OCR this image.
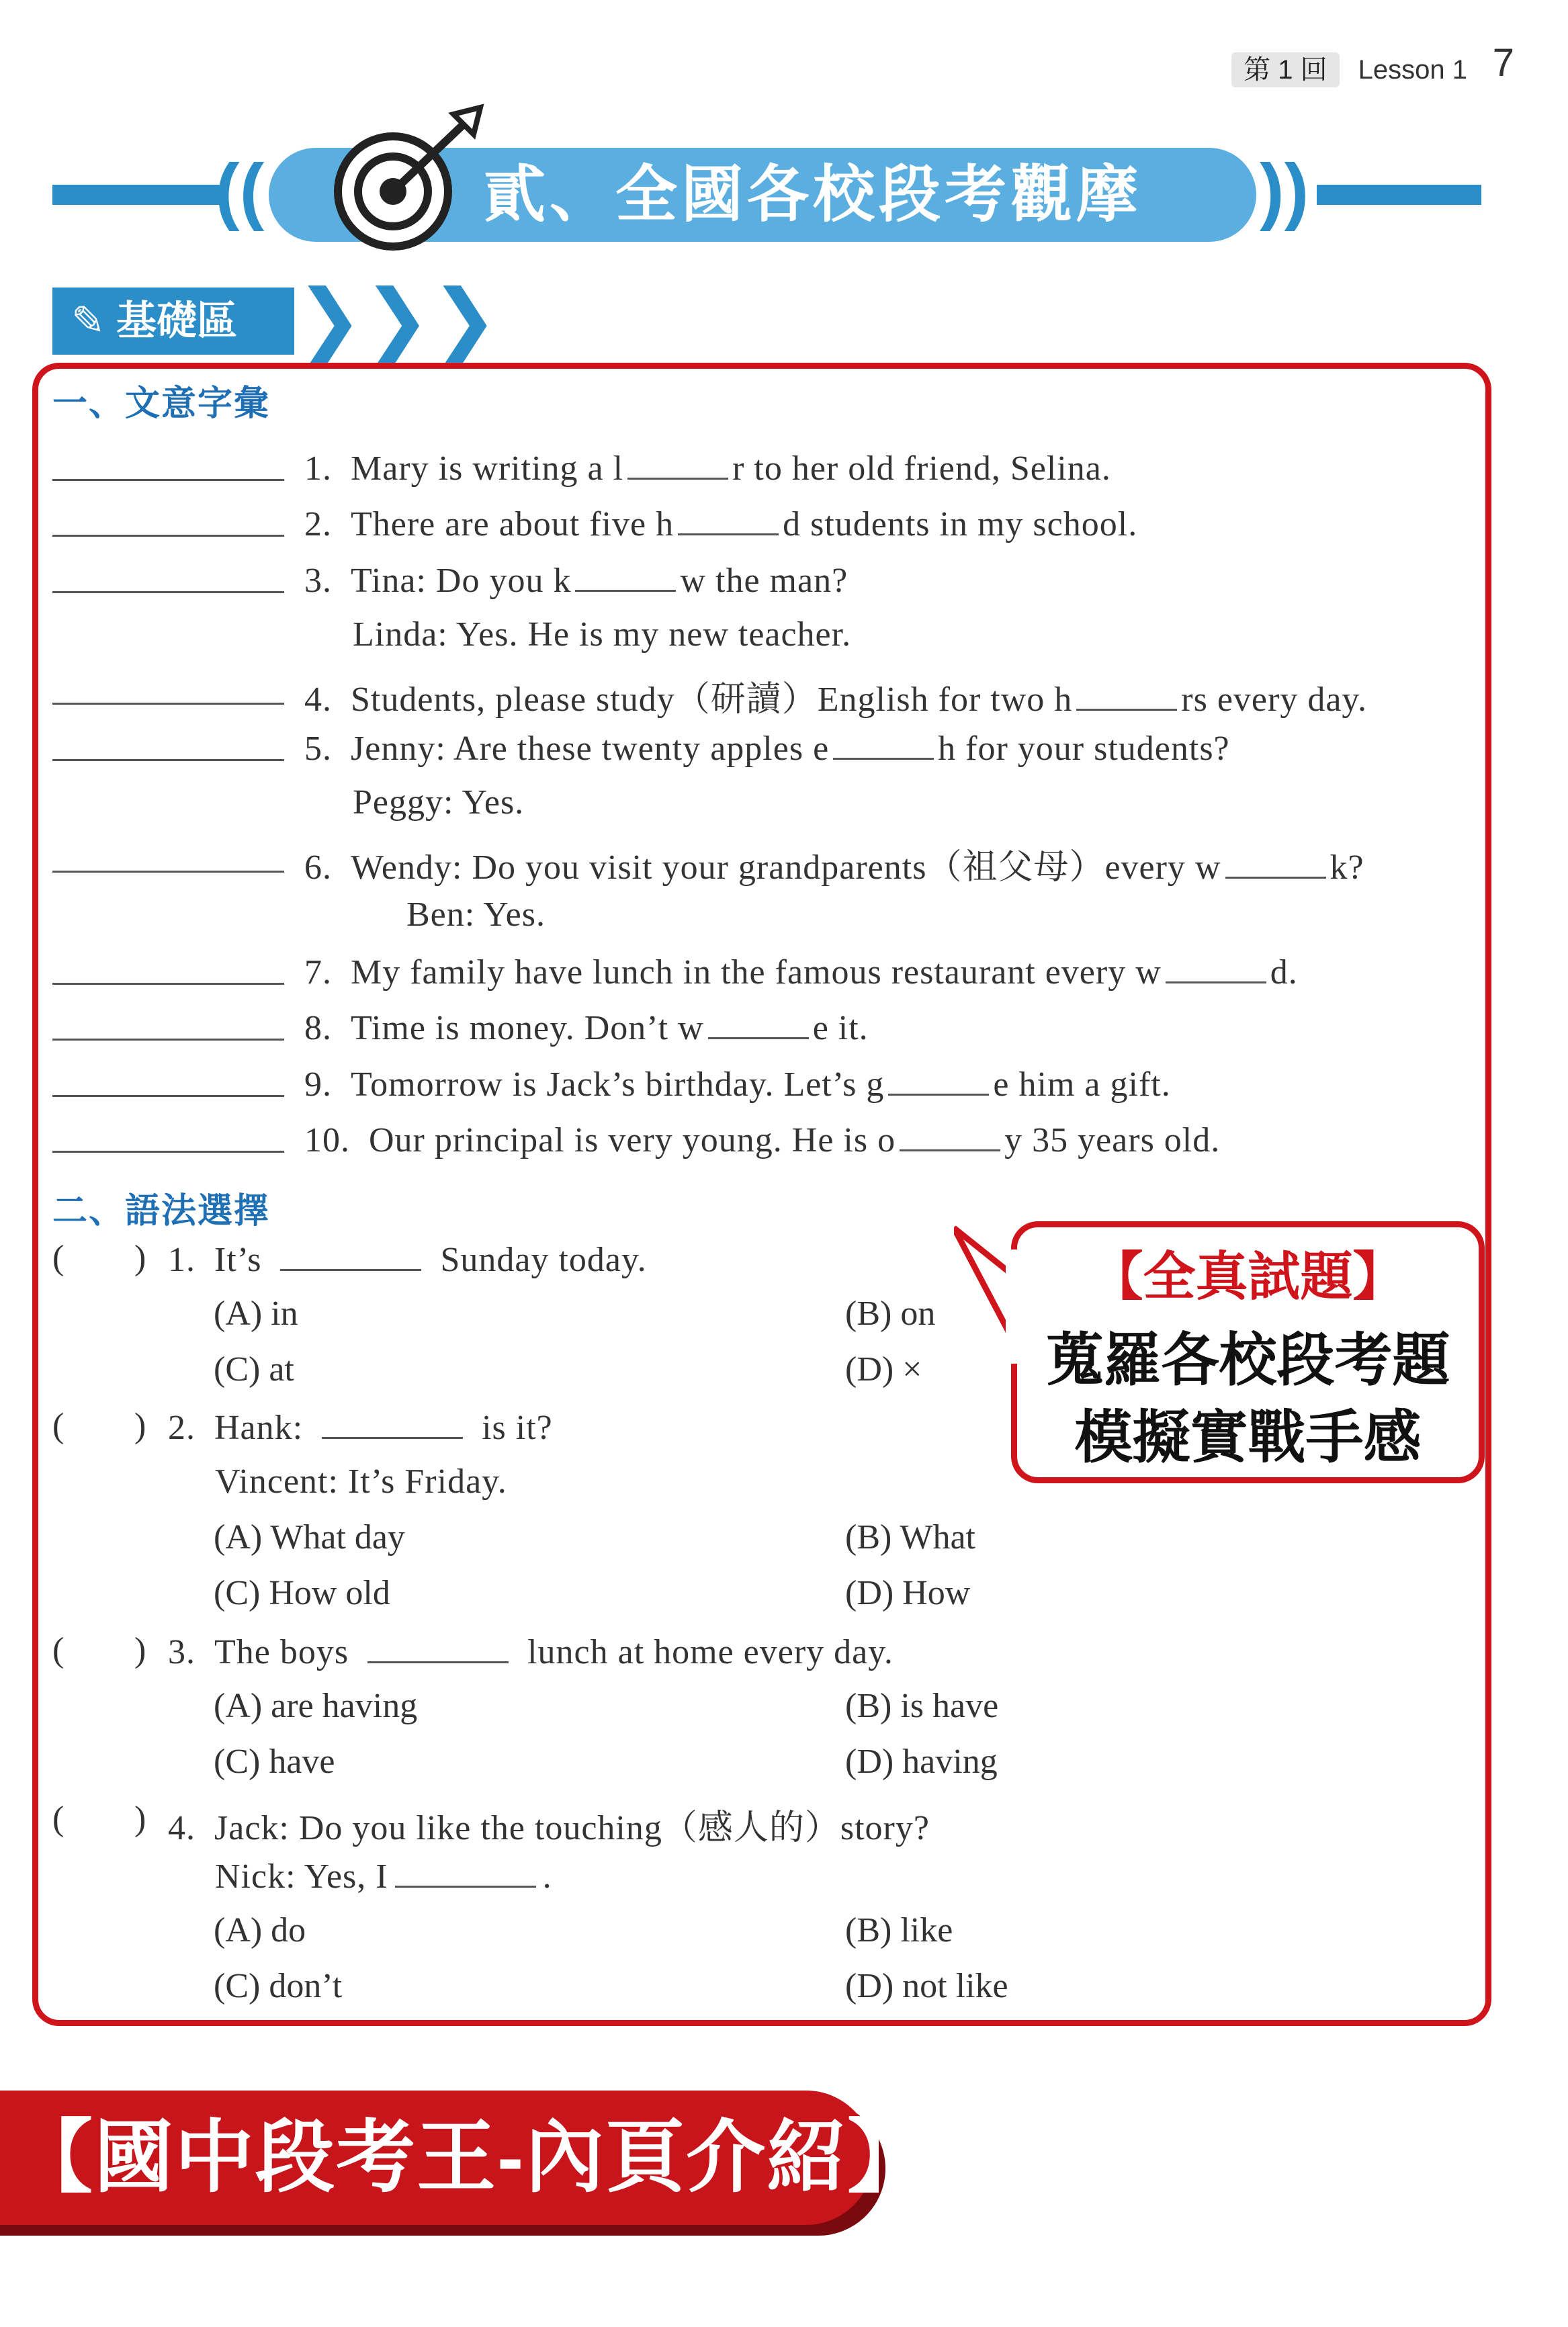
第 1 回 Lesson 1 7
((	))
貳、全國各校段考觀摩
✎ 基礎區 ❯❯❯
一、文意字彙
1. Mary is writing a l	r to her old friend, Selina.
2. There are about five h	d students in my school.
3. Tina: Do you k	w the man?
Linda: Yes. He is my new teacher.
4. Students, please study（研讀）English for two h	rs every day.
5. Jenny: Are these twenty apples e	h for your students?
Peggy: Yes.
6. Wendy: Do you visit your grandparents（祖父母）every w	k?
Ben: Yes.
7. My family have lunch in the famous restaurant every w	d.
8. Time is money. Don’t w	e it.
9. Tomorrow is Jack’s birthday. Let’s g	e him a gift.
10. Our principal is very young. He is o	y 35 years old.
二、語法選擇
( ) 1. It’s	Sunday today.
(A) in	(B) on
(C) at	(D) ×
( ) 2. Hank:	is it?
Vincent: It’s Friday.
(A) What day	(B) What
(C) How old	(D) How
( ) 3. The boys	lunch at home every day.
(A) are having	(B) is have
(C) have	(D) having
( ) 4. Jack: Do you like the touching（感人的）story?
Nick: Yes, I	.
(A) do	(B) like
(C) don’t	(D) not like
【全真試題】
蒐羅各校段考題
模擬實戰手感
【國中段考王-內頁介紹】
